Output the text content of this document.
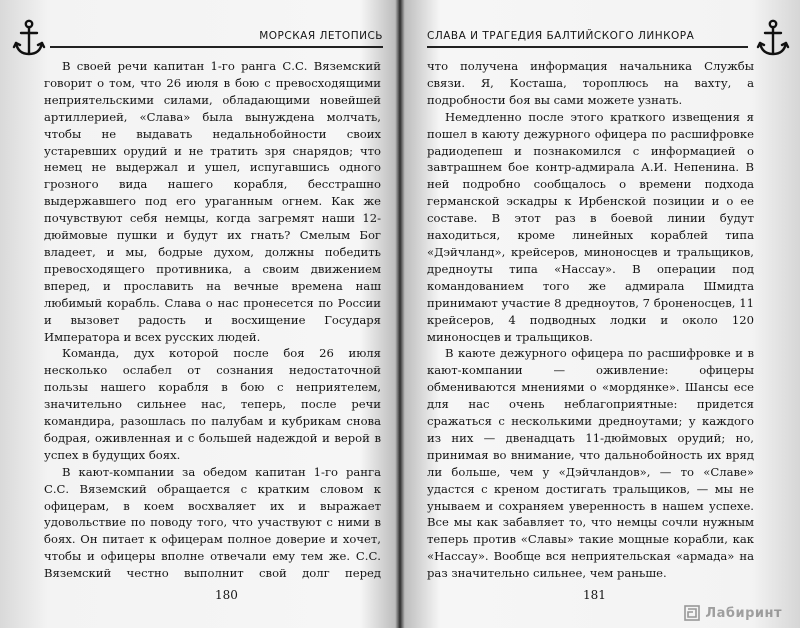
МОРСКАЯ ЛЕТОПИСЬ

В своей речи капитан 1-го ранга С.С. Вяземский говорит о том, что 26 июля в бою с превосходящими неприятельскими силами, обладающими новейшей артиллерией, «Слава» была вынуждена молчать, чтобы не выдавать недальнобойности своих устаревших орудий и не тратить зря снарядов; что немец не выдержал и ушел, испугавшись одного грозного вида нашего корабля, бесстрашно выдержавшего под его ураганным огнем. Как же почувствуют себя немцы, когда загремят наши 12-дюймовые пушки и будут их гнать? Смелым Бог владеет, и мы, бодрые духом, должны победить превосходящего противника, а своим движением вперед, и прославить на вечные времена наш любимый корабль. Слава о нас пронесется по России и вызовет радость и восхищение Государя Императора и всех русских людей.

Команда, дух которой после боя 26 июля несколько ослабел от сознания недостаточной пользы нашего корабля в бою с неприятелем, значительно сильнее нас, теперь, после речи командира, разошлась по палубам и кубрикам снова бодрая, оживленная и с большей надеждой и верой в успех в будущих боях.

В кают-компании за обедом капитан 1-го ранга С.С. Вяземский обращается с кратким словом к офицерам, в коем восхваляет их и выражает удовольствие по поводу того, что участвуют с ними в боях. Он питает к офицерам полное доверие и хочет, чтобы и офицеры вполне отвечали ему тем же. С.С. Вяземский честно выполнит свой долг перед

180
СЛАВА И ТРАГЕДИЯ БАЛТИЙСКОГО ЛИНКОРА

что получена информация начальника Службы связи. Я, Косташа, тороплюсь на вахту, а подробности боя вы сами можете узнать.

Немедленно после этого краткого извещения я пошел в каюту дежурного офицера по расшифровке радиодепеш и познакомился с информацией о завтрашнем бое контр-адмирала А.И. Непенина. В ней подробно сообщалось о времени подхода германской эскадры к Ирбенской позиции и о ее составе. В этот раз в боевой линии будут находиться, кроме линейных кораблей типа «Дэйчланд», крейсеров, миноносцев и тральщиков, дредноуты типа «Нассау». В операции под командованием того же адмирала Шмидта принимают участие 8 дредноутов, 7 броненосцев, 11 крейсеров, 4 подводных лодки и около 120 миноносцев и тральщиков.

В каюте дежурного офицера по расшифровке и в кают-компании — оживление: офицеры обмениваются мнениями о «мордянке». Шансы есе для нас очень неблагоприятные: придется сражаться с несколькими дредноутами; у каждого из них — двенадцать 11-дюймовых орудий; но, принимая во внимание, что дальнобойность их вряд ли больше, чем у «Дэйчландов», — то «Славе» удастся с креном достигать тральщиков, — мы не унываем и сохраняем уверенность в нашем успехе. Все мы как забавляет то, что немцы сочли нужным теперь против «Славы» такие мощные корабли, как «Нассау». Вообще вся неприятельская «армада» на раз значительно сильнее, чем раньше.

181
Лабиринт
